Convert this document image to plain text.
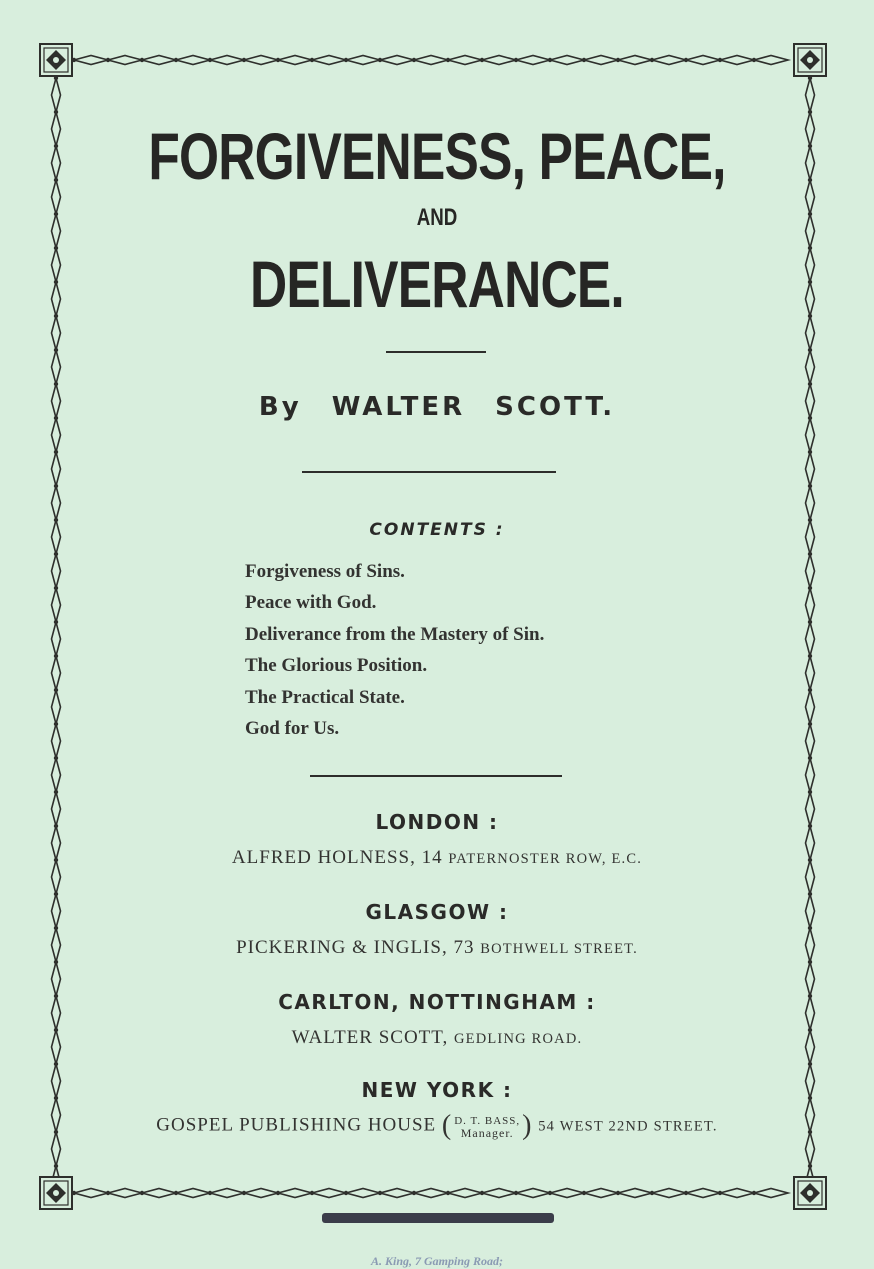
FORGIVENESS, PEACE,
AND
DELIVERANCE.
By WALTER SCOTT.
CONTENTS :
Forgiveness of Sins.
Peace with God.
Deliverance from the Mastery of Sin.
The Glorious Position.
The Practical State.
God for Us.
LONDON :
ALFRED HOLNESS, 14 PATERNOSTER ROW, E.C.
GLASGOW :
PICKERING & INGLIS, 73 BOTHWELL STREET.
CARLTON, NOTTINGHAM :
WALTER SCOTT, GEDLING ROAD.
NEW YORK :
GOSPEL PUBLISHING HOUSE ( D. T. BASS,
Manager. ) 54 WEST 22ND STREET.
A. King, 7 Gamping Road;
